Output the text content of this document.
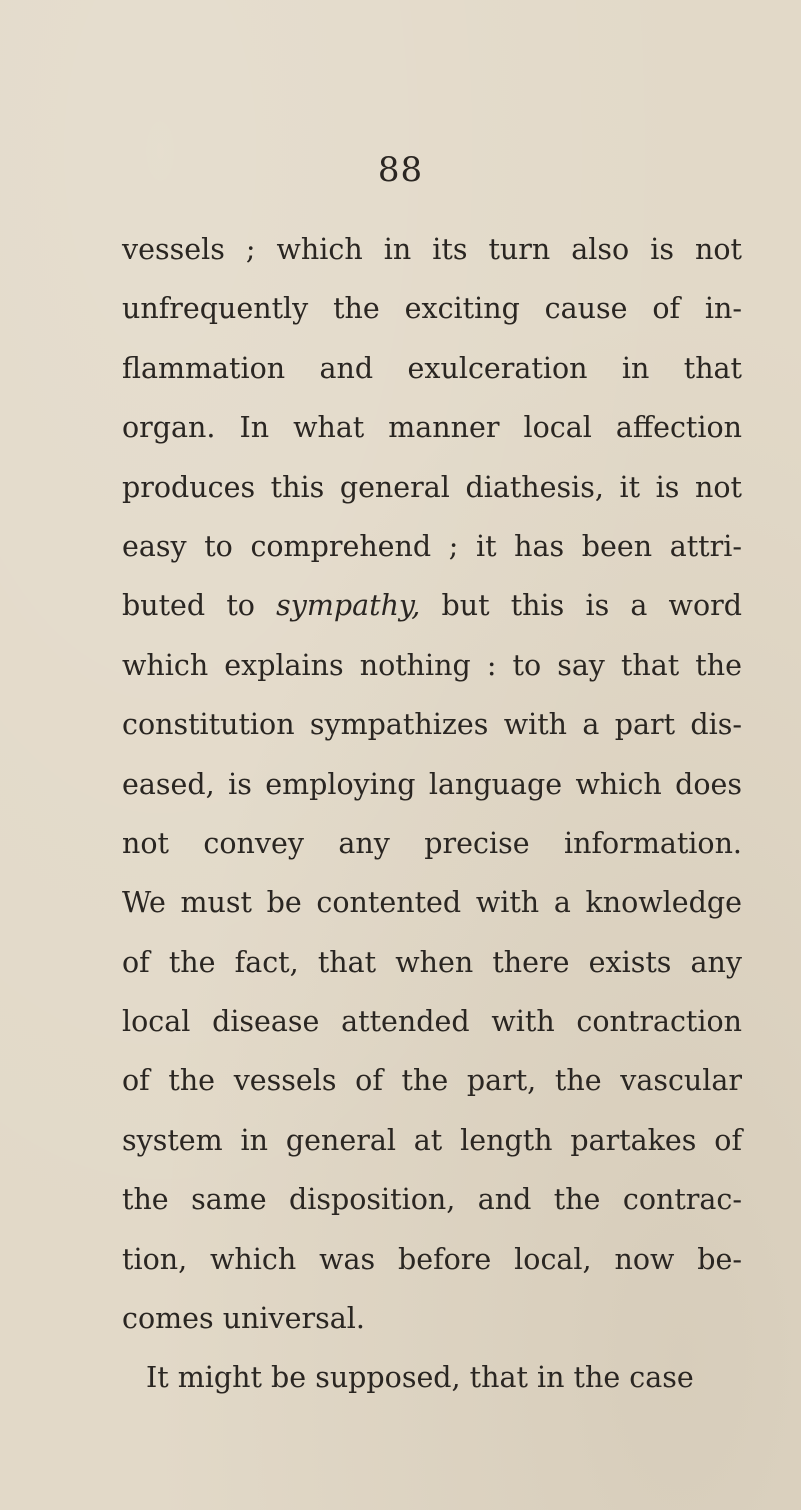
88
vessels ; which in its turn also is not
unfrequently the exciting cause of in-
flammation and exulceration in that
organ. In what manner local affection
produces this general diathesis, it is not
easy to comprehend ; it has been attri-
buted to sympathy, but this is a word
which explains nothing : to say that the
constitution sympathizes with a part dis-
eased, is employing language which does
not convey any precise information.
We must be contented with a knowledge
of the fact, that when there exists any
local disease attended with contraction
of the vessels of the part, the vascular
system in general at length partakes of
the same disposition, and the contrac-
tion, which was before local, now be-
comes universal.
It might be supposed, that in the case
